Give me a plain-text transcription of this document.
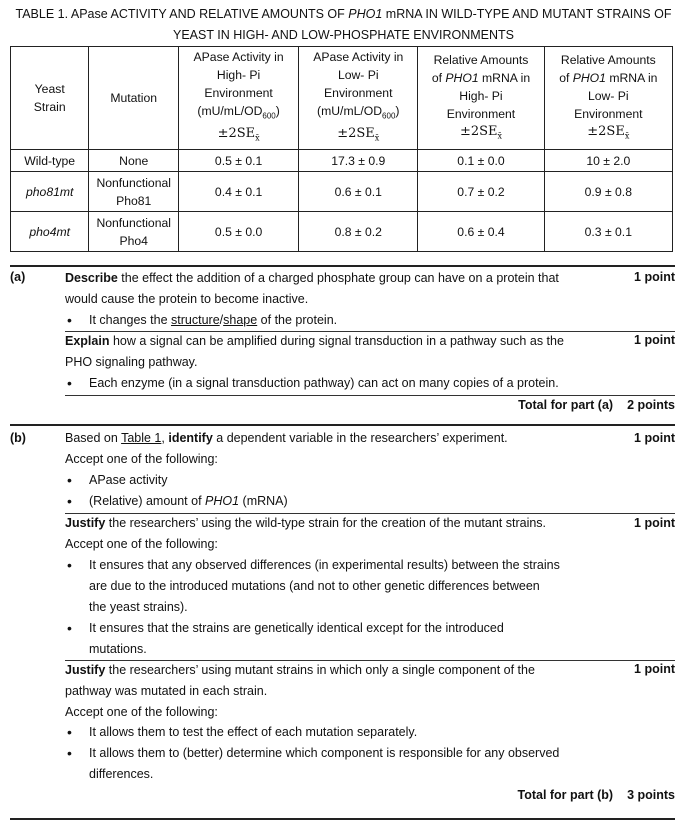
TABLE 1. APase ACTIVITY AND RELATIVE AMOUNTS OF PHO1 mRNA IN WILD-TYPE AND MUTANT STRAINS OF
YEAST IN HIGH- AND LOW-PHOSPHATE ENVIRONMENTS
Yeast
Strain	Mutation	APase Activity in
High- Pi
Environment
$(mU/mL/OD_{600})$
$\pm 2SE_{x̄}$	APase Activity in
Low- Pi
Environment
$(mU/mL/OD_{600})$
$\pm 2SE_{x̄}$	Relative Amounts
of PHO1 mRNA in
High- Pi
Environment
$\pm 2SE_{x̄}$	Relative Amounts
of PHO1 mRNA in
Low- Pi
Environment
$\pm 2SE_{x̄}$

Wild-type	None	0.5 ± 0.1	17.3 ± 0.9	0.1 ± 0.0	10 ± 2.0
pho81mt	Nonfunctional
Pho81	0.4 ± 0.1	0.6 ± 0.1	0.7 ± 0.2	0.9 ± 0.8
pho4mt	Nonfunctional
Pho4	0.5 ± 0.0	0.8 ± 0.2	0.6 ± 0.4	0.3 ± 0.1
(a)	Describe the effect the addition of a charged phosphate group can have on a protein that
would cause the protein to become inactive.
1 point
• It changes the structure/shape of the protein.
Explain how a signal can be amplified during signal transduction in a pathway such as the
PHO signaling pathway.
1 point
• Each enzyme (in a signal transduction pathway) can act on many copies of a protein.
Total for part (a) 2 points
(b)	Based on Table 1, identify a dependent variable in the researchers’ experiment.
Accept one of the following:
1 point
• APase activity
• (Relative) amount of PHO1 (mRNA)
Justify the researchers’ using the wild-type strain for the creation of the mutant strains.
Accept one of the following:
1 point
• It ensures that any observed differences (in experimental results) between the strains
are due to the introduced mutations (and not to other genetic differences between
the yeast strains).
• It ensures that the strains are genetically identical except for the introduced
mutations.
Justify the researchers’ using mutant strains in which only a single component of the
pathway was mutated in each strain.
Accept one of the following:
1 point
• It allows them to test the effect of each mutation separately.
• It allows them to (better) determine which component is responsible for any observed
differences.
Total for part (b) 3 points
